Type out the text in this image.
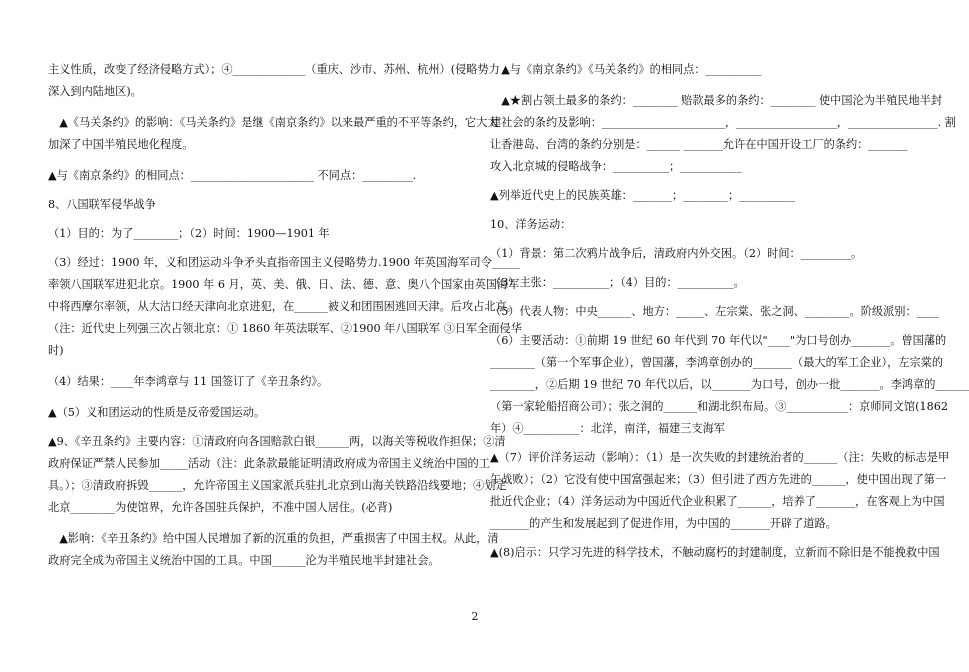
主义性质，改变了经济侵略方式）；④_____________（重庆、沙市、苏州、杭州）(侵略势力
深入到内陆地区)。
　▲《马关条约》的影响：《马关条约》是继《南京条约》以来最严重的不平等条约，它大大
加深了中国半殖民地化程度。
▲与《南京条约》的相同点：______________________ 不同点：_________.
8、八国联军侵华战争
（1）目的：为了________；（2）时间：1900—1901 年
（3）经过：1900 年，义和团运动斗争矛头直指帝国主义侵略势力.1900 年英国海军司令_____
率领八国联军进犯北京。1900 年 6 月，英、美、俄、日、法、德、意、奥八个国家由英国海军
中将西摩尔率领，从大沽口经天津向北京进犯，在______被义和团围困逃回天津。后攻占北京。
（注：近代史上列强三次占领北京：① 1860 年英法联军、②1900 年八国联军 ③日军全面侵华
时)
（4）结果：____年李鸿章与 11 国签订了《辛丑条约》。
▲（5）义和团运动的性质是反帝爱国运动。
▲9、《辛丑条约》主要内容：①清政府向各国赔款白银______两，以海关等税收作担保；②清
政府保证严禁人民参加_____活动（注：此条款最能证明清政府成为帝国主义统治中国的工
具。）；③清政府拆毁______，允许帝国主义国家派兵驻扎北京到山海关铁路沿线要地；④划定
北京________为使馆界，允许各国驻兵保护，不准中国人居住。(必背)
　▲影响：《辛丑条约》给中国人民增加了新的沉重的负担，严重损害了中国主权。从此，清
政府完全成为帝国主义统治中国的工具。中国______沦为半殖民地半封建社会。
　▲与《南京条约》《马关条约》的相同点：__________
　▲★割占领土最多的条约：________ 赔款最多的条约：________ 使中国沦为半殖民地半封
建社会的条约及影响：______________________，__________________，________________. 割
让香港岛、台湾的条约分别是：______ _______允许在中国开设工厂的条约：_______
攻入北京城的侵略战争：__________；___________
▲列举近代史上的民族英雄：_______；________；__________
10、洋务运动：
（1）背景：第二次鸦片战争后，清政府内外交困。（2）时间：_________。
（3）主张：__________；（4）目的：__________。
（5）代表人物：中央______、地方：_____、左宗棠、张之洞、________。阶级派别：____
（6）主要活动：①前期 19 世纪 60 年代到 70 年代以"____"为口号创办_______。曾国藩的
________（第一个军事企业），曾国藩，李鸿章创办的_______（最大的军工企业），左宗棠的
________，②后期 19 世纪 70 年代以后，以_______为口号，创办一批_______。李鸿章的______
（第一家轮船招商公司）；张之洞的______和湖北织布局。③___________：京师同文馆(1862
年）④__________：北洋，南洋，福建三支海军
▲（7）评价洋务运动（影响）：（1）是一次失败的封建统治者的______（注：失败的标志是甲
午战败）；（2）它没有使中国富强起来；（3）但引进了西方先进的______，使中国出现了第一
批近代企业；（4）洋务运动为中国近代企业积累了______，培养了_______，在客观上为中国
_______的产生和发展起到了促进作用，为中国的_______开辟了道路。
▲(8)启示：只学习先进的科学技术，不触动腐朽的封建制度，立新而不除旧是不能挽救中国
2
